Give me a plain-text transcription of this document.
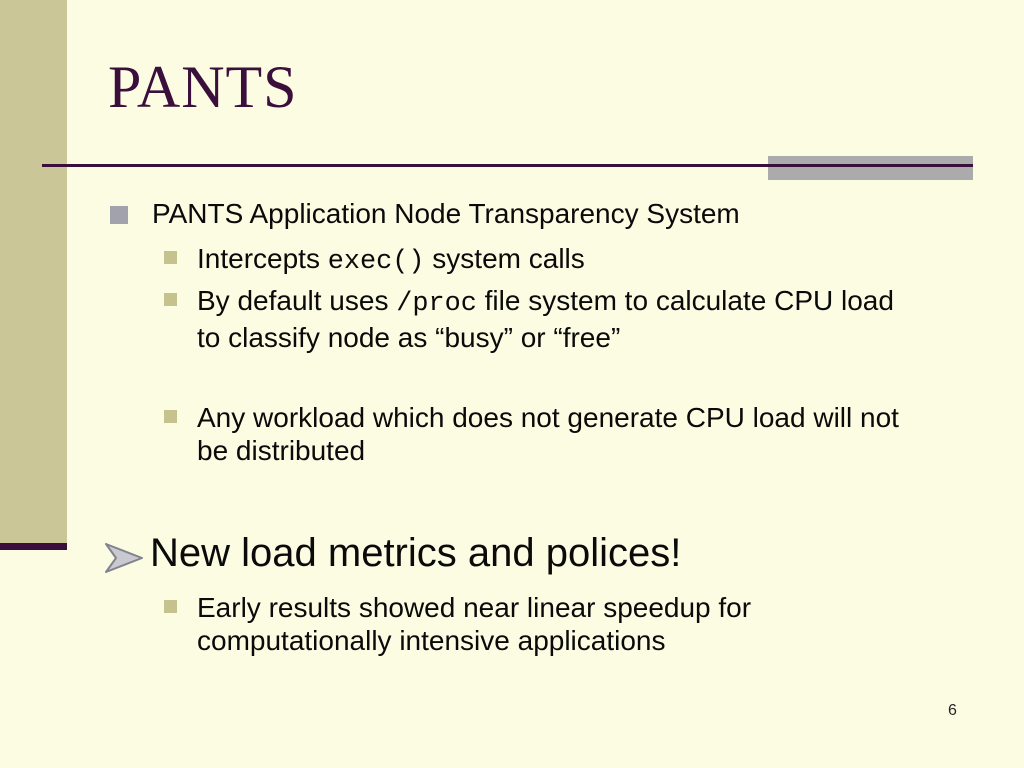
PANTS
PANTS Application Node Transparency System
Intercepts exec() system calls
By default uses /proc file system to calculate CPU load to classify node as “busy” or “free”
Any workload which does not generate CPU load will not be distributed
New load metrics and polices!
Early results showed near linear speedup for computationally intensive applications
6
